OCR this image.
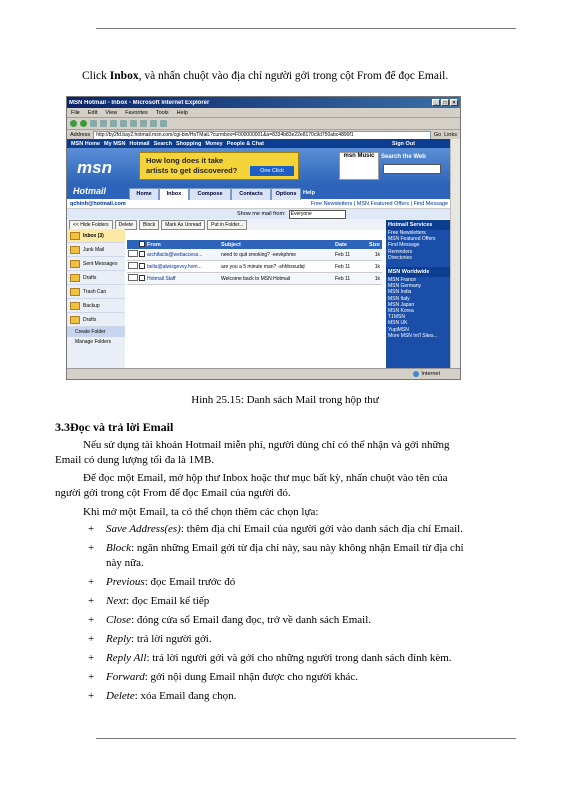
Click Inbox, và nhấn chuột vào địa chỉ người gởi trong cột From để đọc Email.
MSN Hotmail - Inbox - Microsoft Internet Explorer	_	□	×
File Edit View Favorites Tools Help
Address	http://by2fd.bay2.hotmail.msn.com/cgi-bin/HoTMaiL?curmbox=F000000001&a=8334b83e22e8170c9d750abc4890f1	Go Links
MSN Home My MSN Hotmail Search Shopping Money People & Chat	Sign Out
msn	How long does it take
artists to get discovered?	One Click
msn Music	Search the Web
Hotmail	Home	Inbox	Compose	Contacts	Options	Help
qchinh@hotmail.com	Free Newsletters | MSN Featured Offers | Find Message
Show me mail from:	Everyone
<< Hide Folders	Delete	Block	Mark As Unread	Put in Folder...
Inbox (3)
Junk Mail
Sent Messages
Drafts
Trash Can
Backup
Drafts
Create Folder
Manage Folders
From	Subject	Date	Size
archifacts@webaccess...	need to quit smoking? -eevkphme	Feb 11	1k
bella@alwisgevvy.hom...	are you a 5 minute man? -shhbsvudql	Feb 11	1k
Hotmail Staff	Welcome back to MSN Hotmail	Feb 11	1k
Hotmail Services
Free Newsletters
MSN Featured Offers
Find Message
Reminders
Directories
MSN Worldwide
MSN France
MSN Germany
MSN India
MSN Italy
MSN Japan
MSN Korea
T1MSN
MSN UK
YupiMSN
More MSN Int'l Sites...
Internet
Hình 25.15: Danh sách Mail trong hộp thư
3.3Đọc và trả lời Email
Nếu sử dụng tài khoản Hotmail miễn phí, người dùng chỉ có thể nhận và gởi những Email có dung lượng tối đa là 1MB.
Để đọc một Email, mở hộp thư Inbox hoặc thư mục bất kỳ, nhấn chuột vào tên của người gởi trong cột From để đọc Email của người đó.
Khi mở một Email, ta có thể chọn thêm các chọn lựa:
+ Save Address(es): thêm địa chỉ Email của người gởi vào danh sách địa chỉ Email.
+ Block: ngăn những Email gởi từ địa chỉ này, sau này không nhận Email từ địa chỉ này nữa.
+ Previous: đọc Email trước đó
+ Next: đọc Email kế tiếp
+ Close: đóng cửa sổ Email đang đọc, trở về danh sách Email.
+ Reply: trả lời người gởi.
+ Reply All: trả lời người gởi và gởi cho những người trong danh sách đính kèm.
+ Forward: gởi nội dung Email nhận được cho người khác.
+ Delete: xóa Email đang chọn.
